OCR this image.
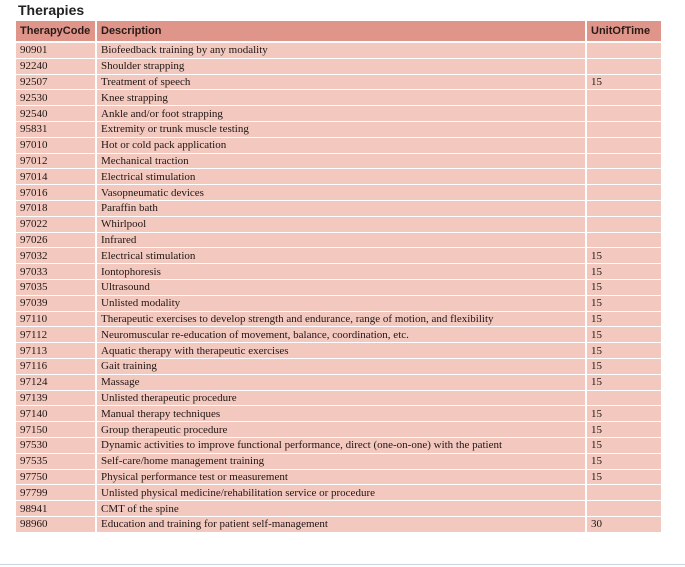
Therapies
TherapyCode	Description	UnitOfTime
90901	Biofeedback training by any modality	
92240	Shoulder strapping	
92507	Treatment of speech	15
92530	Knee strapping	
92540	Ankle and/or foot strapping	
95831	Extremity or trunk muscle testing	
97010	Hot or cold pack application	
97012	Mechanical traction	
97014	Electrical stimulation	
97016	Vasopneumatic devices	
97018	Paraffin bath	
97022	Whirlpool	
97026	Infrared	
97032	Electrical stimulation	15
97033	Iontophoresis	15
97035	Ultrasound	15
97039	Unlisted modality	15
97110	Therapeutic exercises to develop strength and endurance, range of motion, and flexibility	15
97112	Neuromuscular re-education of movement, balance, coordination, etc.	15
97113	Aquatic therapy with therapeutic exercises	15
97116	Gait training	15
97124	Massage	15
97139	Unlisted therapeutic procedure	
97140	Manual therapy techniques	15
97150	Group therapeutic procedure	15
97530	Dynamic activities to improve functional performance, direct (one-on-one) with the patient	15
97535	Self-care/home management training	15
97750	Physical performance test or measurement	15
97799	Unlisted physical medicine/rehabilitation service or procedure	
98941	CMT of the spine	
98960	Education and training for patient self-management	30
